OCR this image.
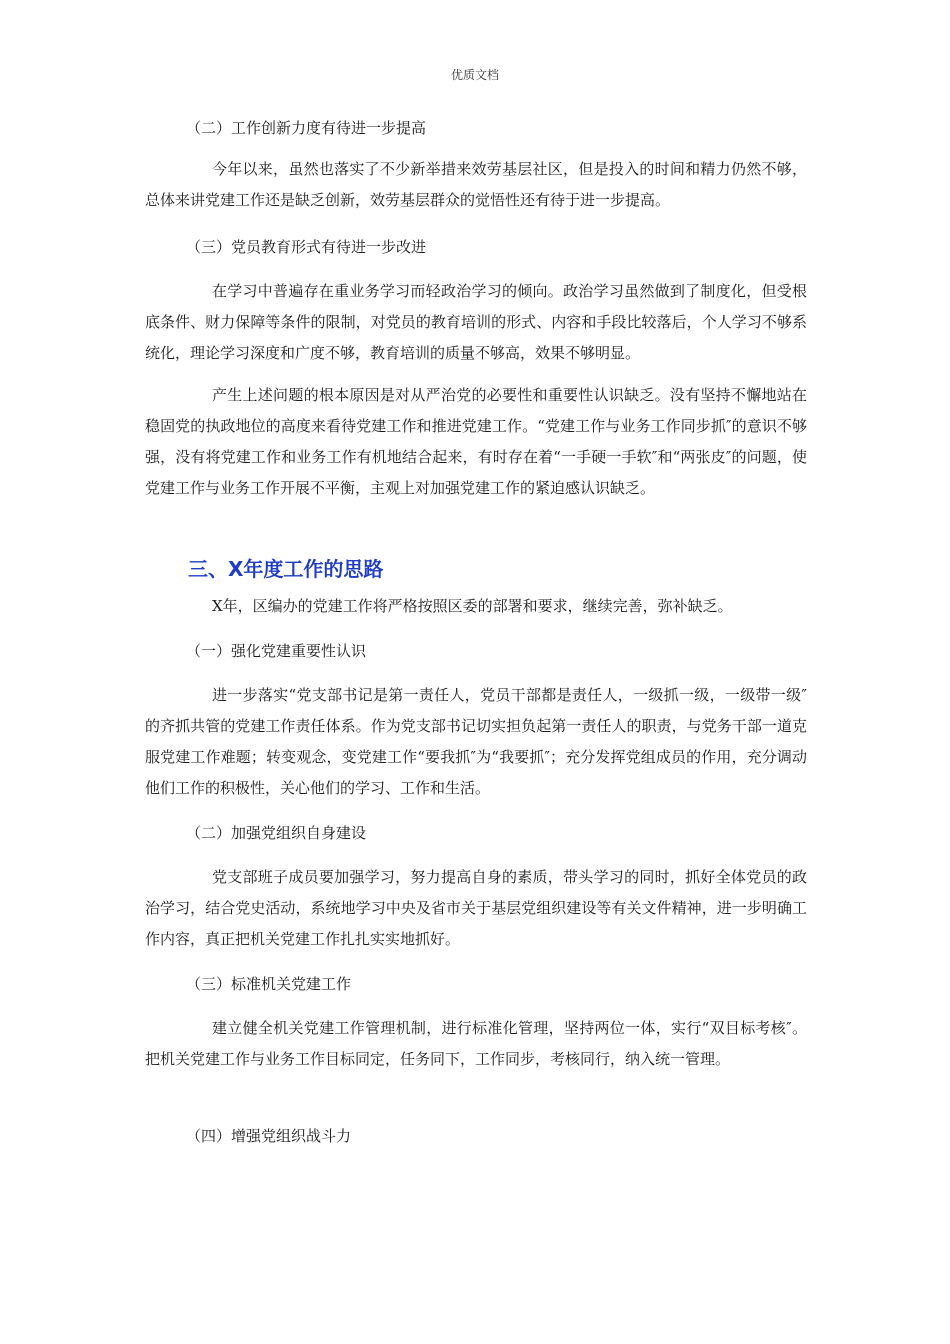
优质文档
（二）工作创新力度有待进一步提高
今年以来，虽然也落实了不少新举措来效劳基层社区，但是投入的时间和精力仍然不够，总体来讲党建工作还是缺乏创新，效劳基层群众的觉悟性还有待于进一步提高。
（三）党员教育形式有待进一步改进
在学习中普遍存在重业务学习而轻政治学习的倾向。政治学习虽然做到了制度化，但受根底条件、财力保障等条件的限制，对党员的教育培训的形式、内容和手段比较落后，个人学习不够系统化，理论学习深度和广度不够，教育培训的质量不够高，效果不够明显。
产生上述问题的根本原因是对从严治党的必要性和重要性认识缺乏。没有坚持不懈地站在稳固党的执政地位的高度来看待党建工作和推进党建工作。“党建工作与业务工作同步抓″的意识不够强，没有将党建工作和业务工作有机地结合起来，有时存在着“一手硬一手软″和“两张皮″的问题，使党建工作与业务工作开展不平衡，主观上对加强党建工作的紧迫感认识缺乏。
三、X年度工作的思路
X年，区编办的党建工作将严格按照区委的部署和要求，继续完善，弥补缺乏。
（一）强化党建重要性认识
进一步落实“党支部书记是第一责任人，党员干部都是责任人，一级抓一级，一级带一级″的齐抓共管的党建工作责任体系。作为党支部书记切实担负起第一责任人的职责，与党务干部一道克服党建工作难题；转变观念，变党建工作“要我抓″为“我要抓″；充分发挥党组成员的作用，充分调动他们工作的积极性，关心他们的学习、工作和生活。
（二）加强党组织自身建设
党支部班子成员要加强学习，努力提高自身的素质，带头学习的同时，抓好全体党员的政治学习，结合党史活动，系统地学习中央及省市关于基层党组织建设等有关文件精神，进一步明确工作内容，真正把机关党建工作扎扎实实地抓好。
（三）标准机关党建工作
建立健全机关党建工作管理机制，进行标准化管理，坚持两位一体，实行“双目标考核″。把机关党建工作与业务工作目标同定，任务同下，工作同步，考核同行，纳入统一管理。
（四）增强党组织战斗力
